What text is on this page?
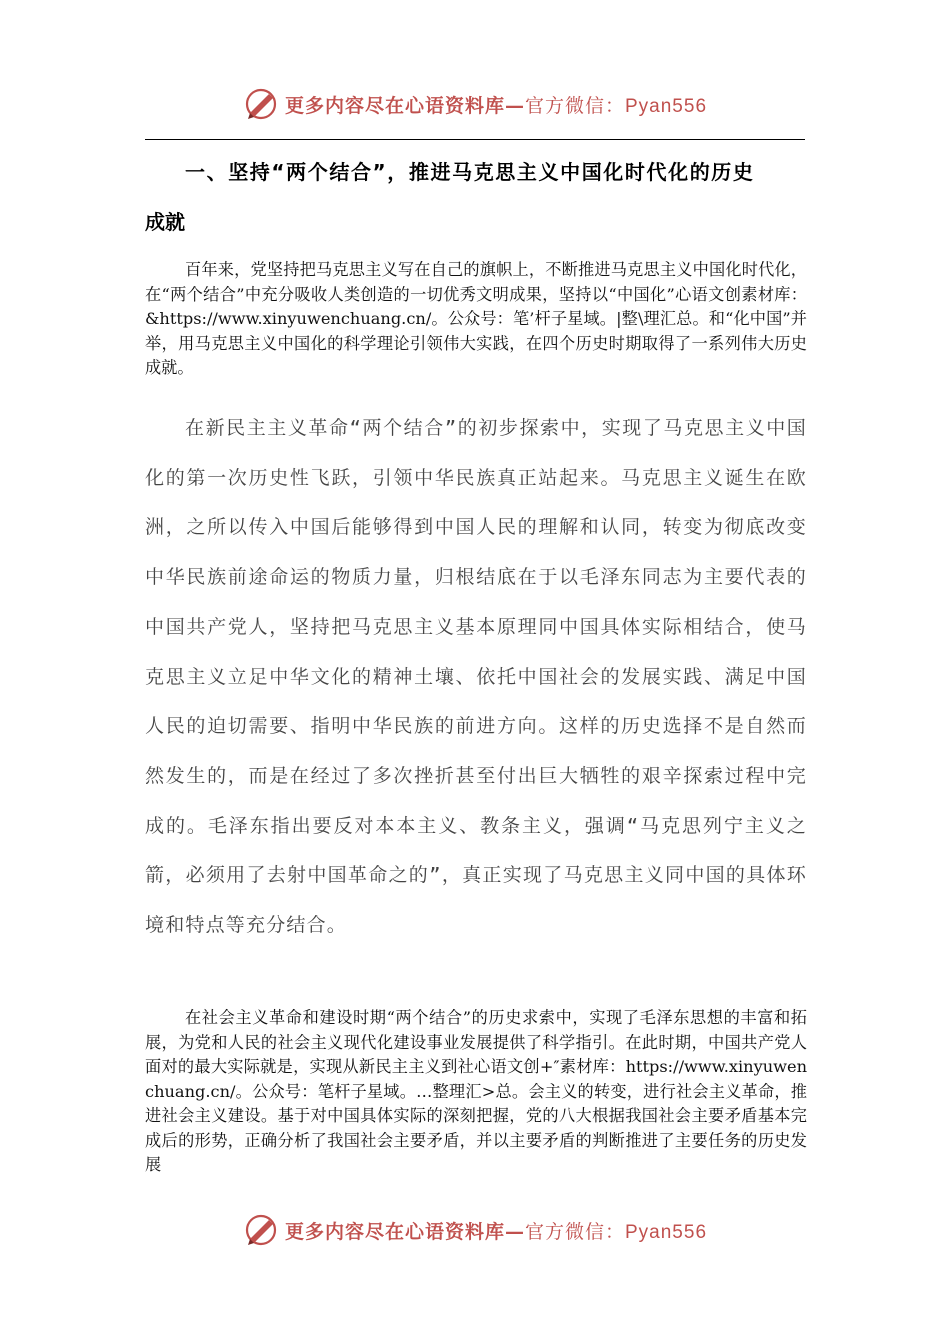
更多内容尽在心语资料库—官方微信：Pyan556
一、坚持“两个结合”，推进马克思主义中国化时代化的历史
成就

百年来，党坚持把马克思主义写在自己的旗帜上，不断推进马克思主义中国化时代化，在“两个结合”中充分吸收人类创造的一切优秀文明成果，坚持以“中国化”心语文创素材库：&https://www.xinyuwenchuang.cn/。公众号：笔’杆子星域。|整\理汇总。和“化中国”并举，用马克思主义中国化的科学理论引领伟大实践，在四个历史时期取得了一系列伟大历史成就。

在新民主主义革命“两个结合”的初步探索中，实现了马克思主义中国化的第一次历史性飞跃，引领中华民族真正站起来。马克思主义诞生在欧洲，之所以传入中国后能够得到中国人民的理解和认同，转变为彻底改变中华民族前途命运的物质力量，归根结底在于以毛泽东同志为主要代表的中国共产党人，坚持把马克思主义基本原理同中国具体实际相结合，使马克思主义立足中华文化的精神土壤、依托中国社会的发展实践、满足中国人民的迫切需要、指明中华民族的前进方向。这样的历史选择不是自然而然发生的，而是在经过了多次挫折甚至付出巨大牺牲的艰辛探索过程中完成的。毛泽东指出要反对本本主义、教条主义，强调“马克思列宁主义之箭，必须用了去射中国革命之的”，真正实现了马克思主义同中国的具体环境和特点等充分结合。

在社会主义革命和建设时期“两个结合”的历史求索中，实现了毛泽东思想的丰富和拓展，为党和人民的社会主义现代化建设事业发展提供了科学指引。在此时期，中国共产党人面对的最大实际就是，实现从新民主主义到社心语文创+″素材库：https://www.xinyuwenchuang.cn/。公众号：笔杆子星域。…整理汇>总。会主义的转变，进行社会主义革命，推进社会主义建设。基于对中国具体实际的深刻把握，党的八大根据我国社会主要矛盾基本完成后的形势，正确分析了我国社会主要矛盾，并以主要矛盾的判断推进了主要任务的历史发展

更多内容尽在心语资料库—官方微信：Pyan556
